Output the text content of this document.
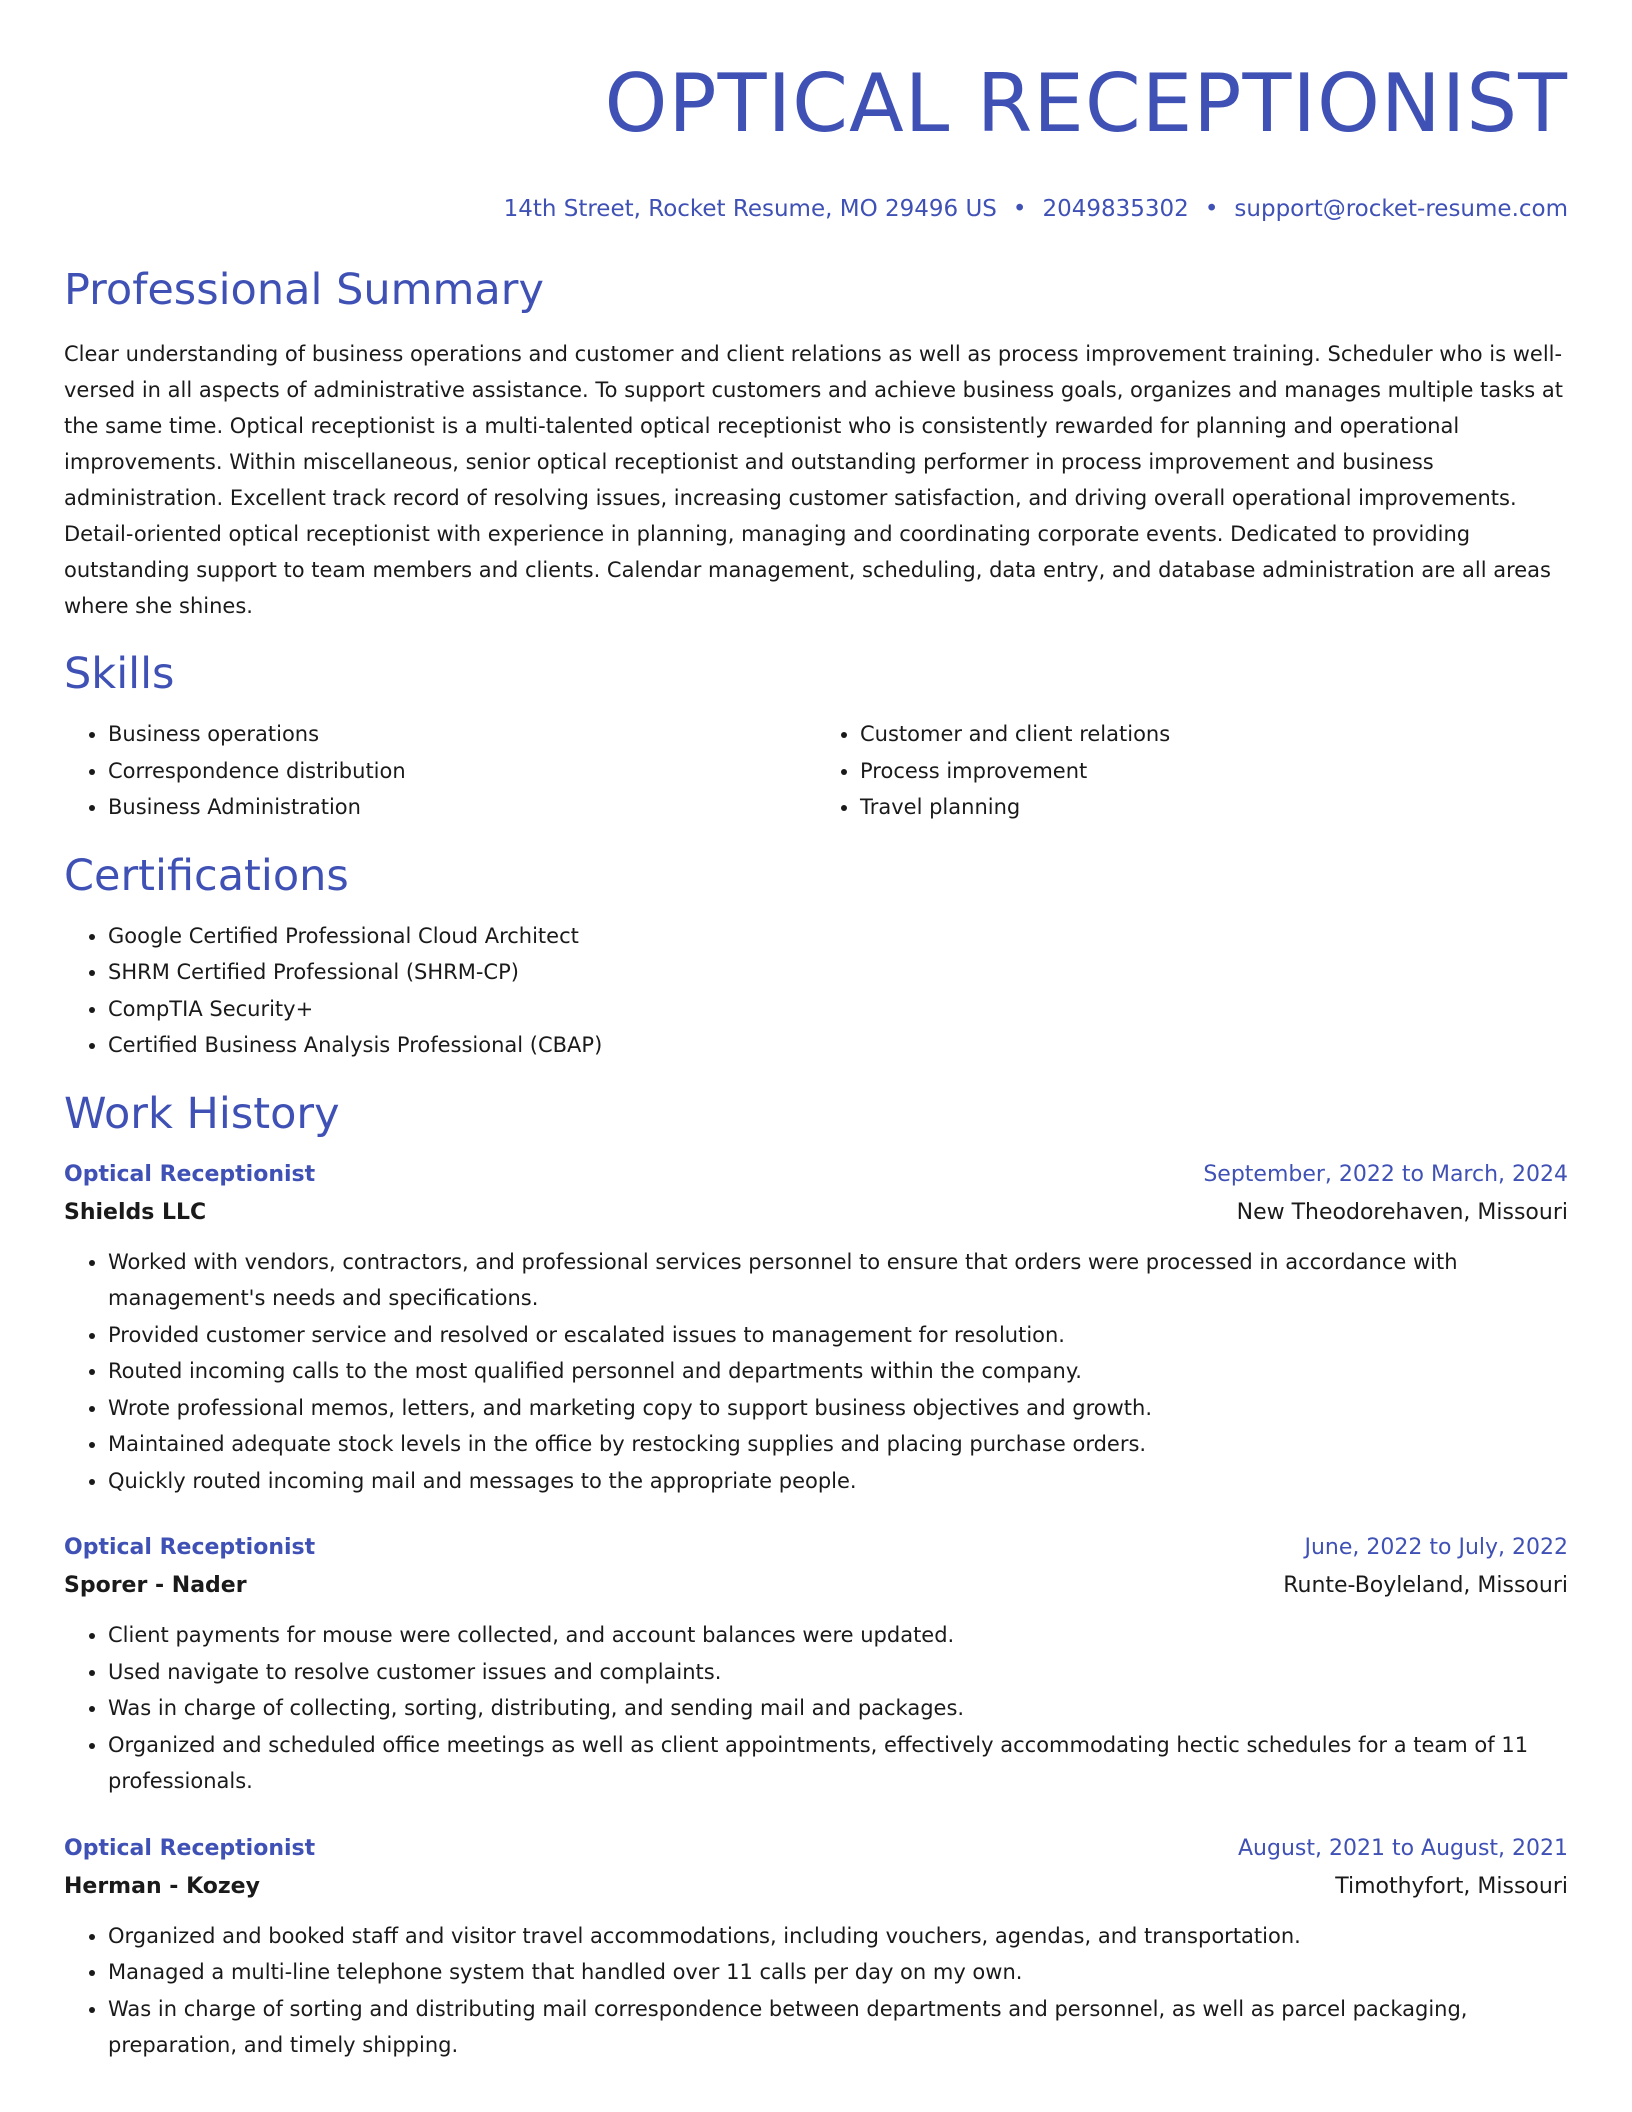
OPTICAL RECEPTIONIST
14th Street, Rocket Resume, MO 29496 US • 2049835302 • support@rocket-resume.com
Professional Summary

Clear understanding of business operations and customer and client relations as well as process improvement training. Scheduler who is well-versed in all aspects of administrative assistance. To support customers and achieve business goals, organizes and manages multiple tasks at the same time. Optical receptionist is a multi-talented optical receptionist who is consistently rewarded for planning and operational improvements. Within miscellaneous, senior optical receptionist and outstanding performer in process improvement and business administration. Excellent track record of resolving issues, increasing customer satisfaction, and driving overall operational improvements. Detail-oriented optical receptionist with experience in planning, managing and coordinating corporate events. Dedicated to providing outstanding support to team members and clients. Calendar management, scheduling, data entry, and database administration are all areas where she shines.

Skills
• Business operations
• Correspondence distribution
• Business Administration
• Customer and client relations
• Process improvement
• Travel planning
Certifications
• Google Certified Professional Cloud Architect
• SHRM Certified Professional (SHRM-CP)
• CompTIA Security+
• Certified Business Analysis Professional (CBAP)
Work History
Optical Receptionist	September, 2022 to March, 2024
Shields LLC	New Theodorehaven, Missouri
• Worked with vendors, contractors, and professional services personnel to ensure that orders were processed in accordance with management's needs and specifications.
• Provided customer service and resolved or escalated issues to management for resolution.
• Routed incoming calls to the most qualified personnel and departments within the company.
• Wrote professional memos, letters, and marketing copy to support business objectives and growth.
• Maintained adequate stock levels in the office by restocking supplies and placing purchase orders.
• Quickly routed incoming mail and messages to the appropriate people.
Optical Receptionist	June, 2022 to July, 2022
Sporer - Nader	Runte-Boyleland, Missouri
• Client payments for mouse were collected, and account balances were updated.
• Used navigate to resolve customer issues and complaints.
• Was in charge of collecting, sorting, distributing, and sending mail and packages.
• Organized and scheduled office meetings as well as client appointments, effectively accommodating hectic schedules for a team of 11 professionals.
Optical Receptionist	August, 2021 to August, 2021
Herman - Kozey	Timothyfort, Missouri
• Organized and booked staff and visitor travel accommodations, including vouchers, agendas, and transportation.
• Managed a multi-line telephone system that handled over 11 calls per day on my own.
• Was in charge of sorting and distributing mail correspondence between departments and personnel, as well as parcel packaging, preparation, and timely shipping.
